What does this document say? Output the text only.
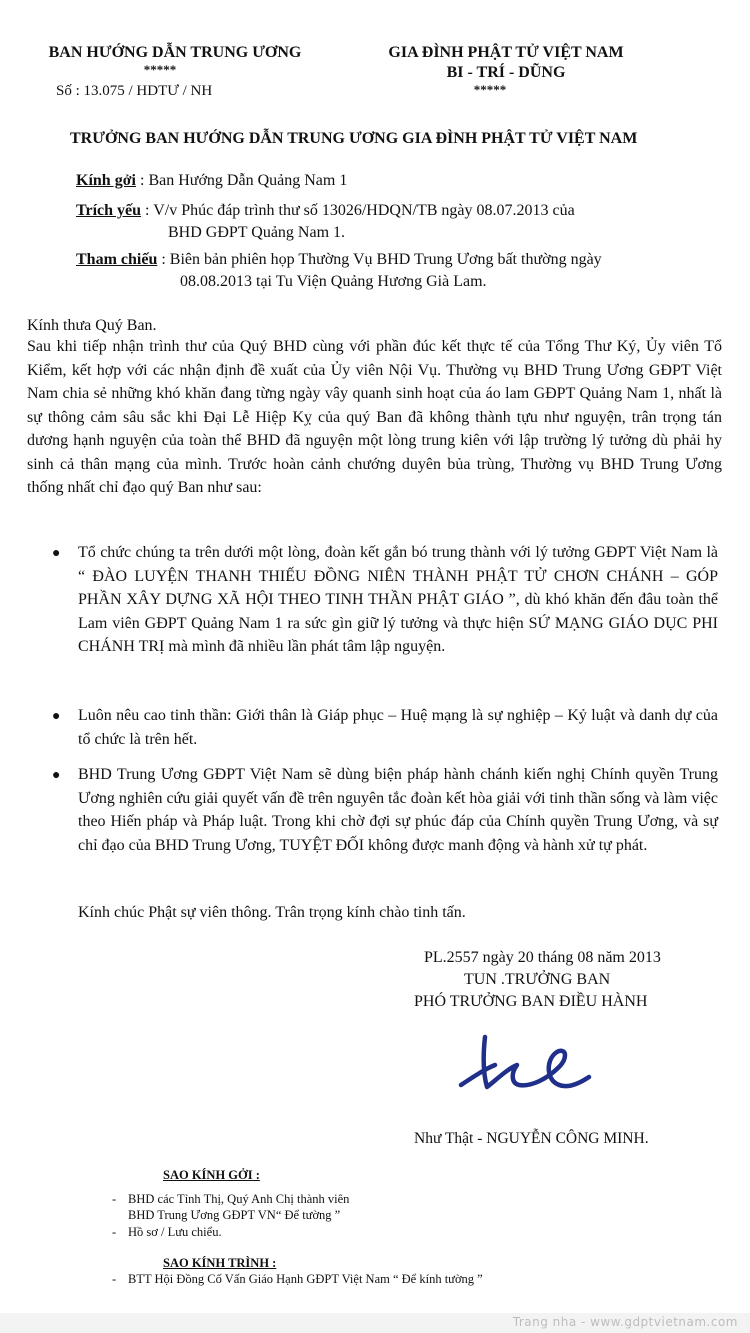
BAN HƯỚNG DẪN TRUNG ƯƠNG
*****
Số : 13.075 / HDTƯ / NH
GIA ĐÌNH PHẬT TỬ VIỆT NAM
BI - TRÍ - DŨNG
*****
TRƯỞNG BAN HƯỚNG DẪN TRUNG ƯƠNG GIA ĐÌNH PHẬT TỬ VIỆT NAM
Kính gởi : Ban Hướng Dẫn Quảng Nam 1
Trích yếu : V/v Phúc đáp trình thư số 13026/HDQN/TB ngày 08.07.2013 của
BHD GĐPT Quảng Nam 1.
Tham chiếu : Biên bản phiên họp Thường Vụ BHD Trung Ương bất thường ngày
08.08.2013 tại Tu Viện Quảng Hương Già Lam.
Kính thưa Quý Ban.
Sau khi tiếp nhận trình thư của Quý BHD cùng với phần đúc kết thực tế của Tổng Thư Ký, Ủy viên Tổ Kiểm, kết hợp với các nhận định đề xuất của Ủy viên Nội Vụ. Thường vụ BHD Trung Ương GĐPT Việt Nam chia sẻ những khó khăn đang từng ngày vây quanh sinh hoạt của áo lam GĐPT Quảng Nam 1, nhất là sự thông cảm sâu sắc khi Đại Lễ Hiệp Kỵ của quý Ban đã không thành tựu như nguyện, trân trọng tán dương hạnh nguyện của toàn thể BHD đã nguyện một lòng trung kiên với lập trường lý tưởng dù phải hy sinh cả thân mạng của mình. Trước hoàn cảnh chướng duyên bủa trùng, Thường vụ BHD Trung Ương thống nhất chỉ đạo quý Ban như sau:
● Tổ chức chúng ta trên dưới một lòng, đoàn kết gắn bó trung thành với lý tưởng GĐPT Việt Nam là “ ĐÀO LUYỆN THANH THIẾU ĐỒNG NIÊN THÀNH PHẬT TỬ CHƠN CHÁNH – GÓP PHẦN XÂY DỰNG XÃ HỘI THEO TINH THẦN PHẬT GIÁO ”, dù khó khăn đến đâu toàn thể Lam viên GĐPT Quảng Nam 1 ra sức gìn giữ lý tưởng và thực hiện SỨ MẠNG GIÁO DỤC PHI CHÁNH TRỊ mà mình đã nhiều lần phát tâm lập nguyện.
● Luôn nêu cao tinh thần: Giới thân là Giáp phục – Huệ mạng là sự nghiệp – Kỷ luật và danh dự của tổ chức là trên hết.
● BHD Trung Ương GĐPT Việt Nam sẽ dùng biện pháp hành chánh kiến nghị Chính quyền Trung Ương nghiên cứu giải quyết vấn đề trên nguyên tắc đoàn kết hòa giải với tinh thần sống và làm việc theo Hiến pháp và Pháp luật. Trong khi chờ đợi sự phúc đáp của Chính quyền Trung Ương, và sự chỉ đạo của BHD Trung Ương, TUYỆT ĐỐI không được manh động và hành xử tự phát.
Kính chúc Phật sự viên thông. Trân trọng kính chào tinh tấn.
PL.2557 ngày 20 tháng 08 năm 2013
TUN .TRƯỞNG BAN
PHÓ TRƯỞNG BAN ĐIỀU HÀNH
Như Thật - NGUYỄN CÔNG MINH.
SAO KÍNH GỞI :
- BHD các Tỉnh Thị, Quý Anh Chị thành viên
BHD Trung Ương GĐPT VN“ Để tường ”
- Hồ sơ / Lưu chiểu.
SAO KÍNH TRÌNH :
- BTT Hội Đồng Cố Vấn Giáo Hạnh GĐPT Việt Nam “ Để kính tường ”
Trang nha - www.gdptvietnam.com
